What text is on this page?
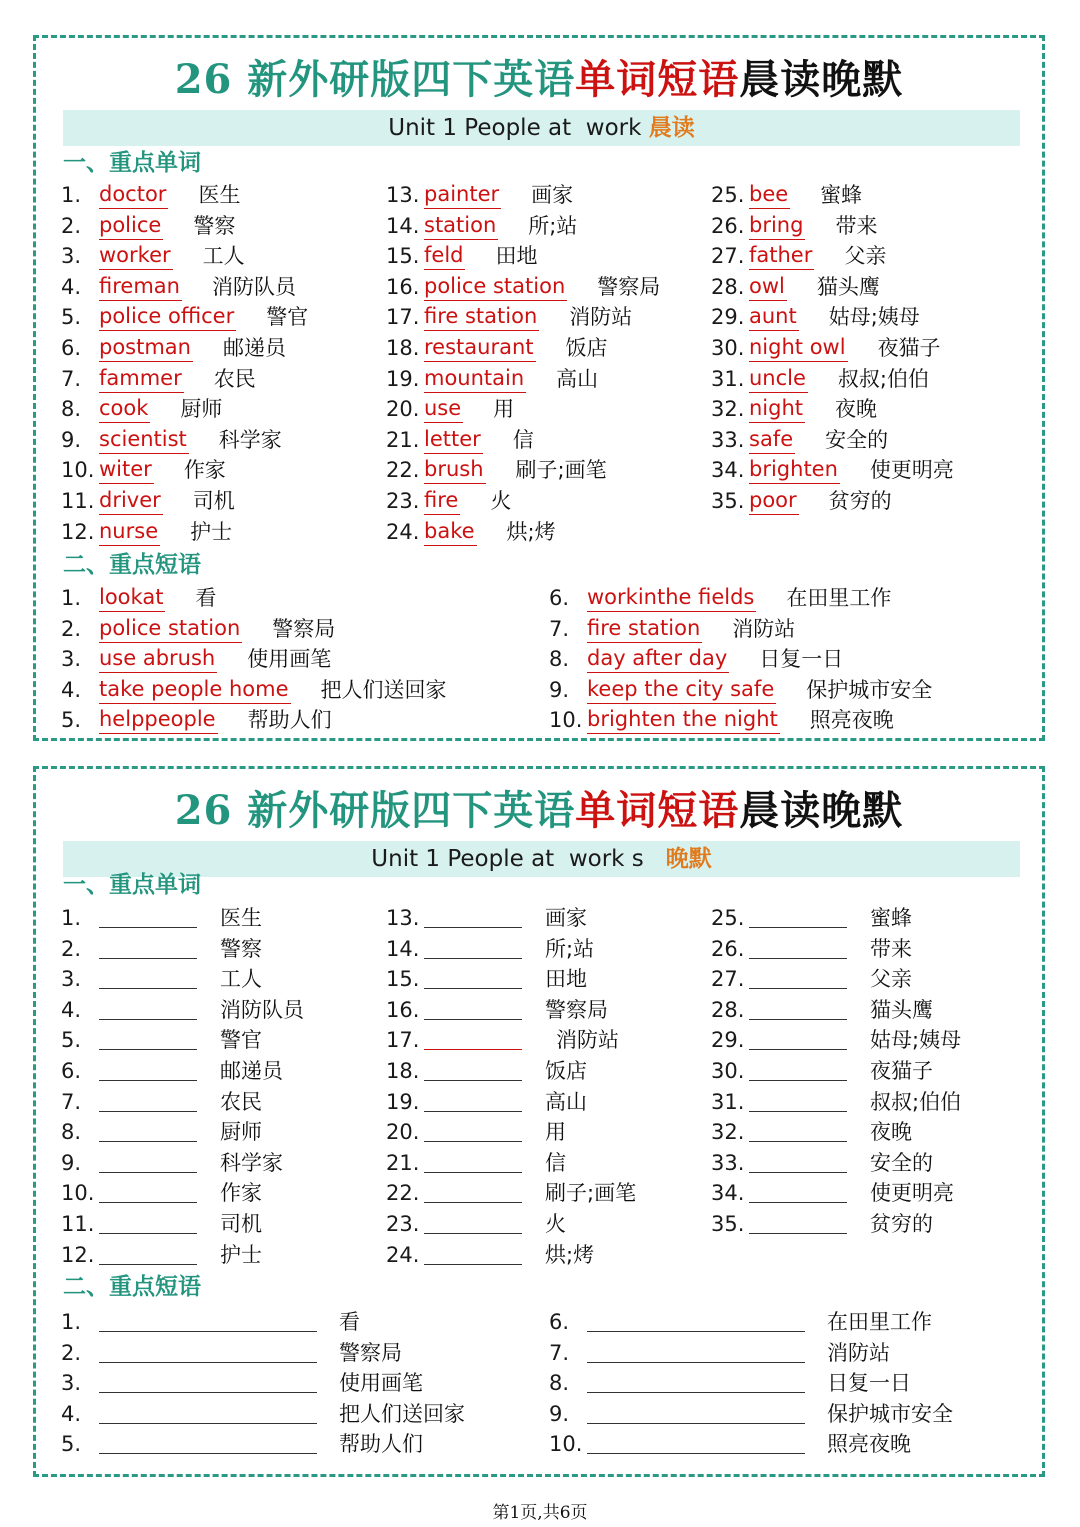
26 新外研版四下英语单词短语晨读晚默
Unit 1 People at  work 晨读
一、重点单词
1. doctor 医生
2. police 警察
3. worker 工人
4. fireman 消防队员
5. police officer 警官
6. postman 邮递员
7. fammer 农民
8. cook 厨师
9. scientist 科学家
10. witer 作家
11. driver 司机
12. nurse 护士
13. painter 画家
14. station 所;站
15. feld 田地
16. police station 警察局
17. fire station 消防站
18. restaurant 饭店
19. mountain 高山
20. use 用
21. letter 信
22. brush 刷子;画笔
23. fire 火
24. bake 烘;烤
25. bee 蜜蜂
26. bring 带来
27. father 父亲
28. owl 猫头鹰
29. aunt 姑母;姨母
30. night owl 夜猫子
31. uncle 叔叔;伯伯
32. night 夜晚
33. safe 安全的
34. brighten 使更明亮
35. poor 贫穷的
二、重点短语
1. lookat 看
2. police station 警察局
3. use abrush 使用画笔
4. take people home 把人们送回家
5. helppeople 帮助人们
6. workinthe fields 在田里工作
7. fire station 消防站
8. day after day 日复一日
9. keep the city safe 保护城市安全
10. brighten the night 照亮夜晚
26 新外研版四下英语单词短语晨读晚默
Unit 1 People at  work s   晚默
一、重点单词
1.	医生
2.	警察
3.	工人
4.	消防队员
5.	警官
6.	邮递员
7.	农民
8.	厨师
9.	科学家
10.	作家
11.	司机
12.	护士
13.	画家
14.	所;站
15.	田地
16.	警察局
17.	消防站
18.	饭店
19.	高山
20.	用
21.	信
22.	刷子;画笔
23.	火
24.	烘;烤
25.	蜜蜂
26.	带来
27.	父亲
28.	猫头鹰
29.	姑母;姨母
30.	夜猫子
31.	叔叔;伯伯
32.	夜晚
33.	安全的
34.	使更明亮
35.	贫穷的
二、重点短语
1.	看
2.	警察局
3.	使用画笔
4.	把人们送回家
5.	帮助人们
6.	在田里工作
7.	消防站
8.	日复一日
9.	保护城市安全
10.	照亮夜晚
第1页,共6页
